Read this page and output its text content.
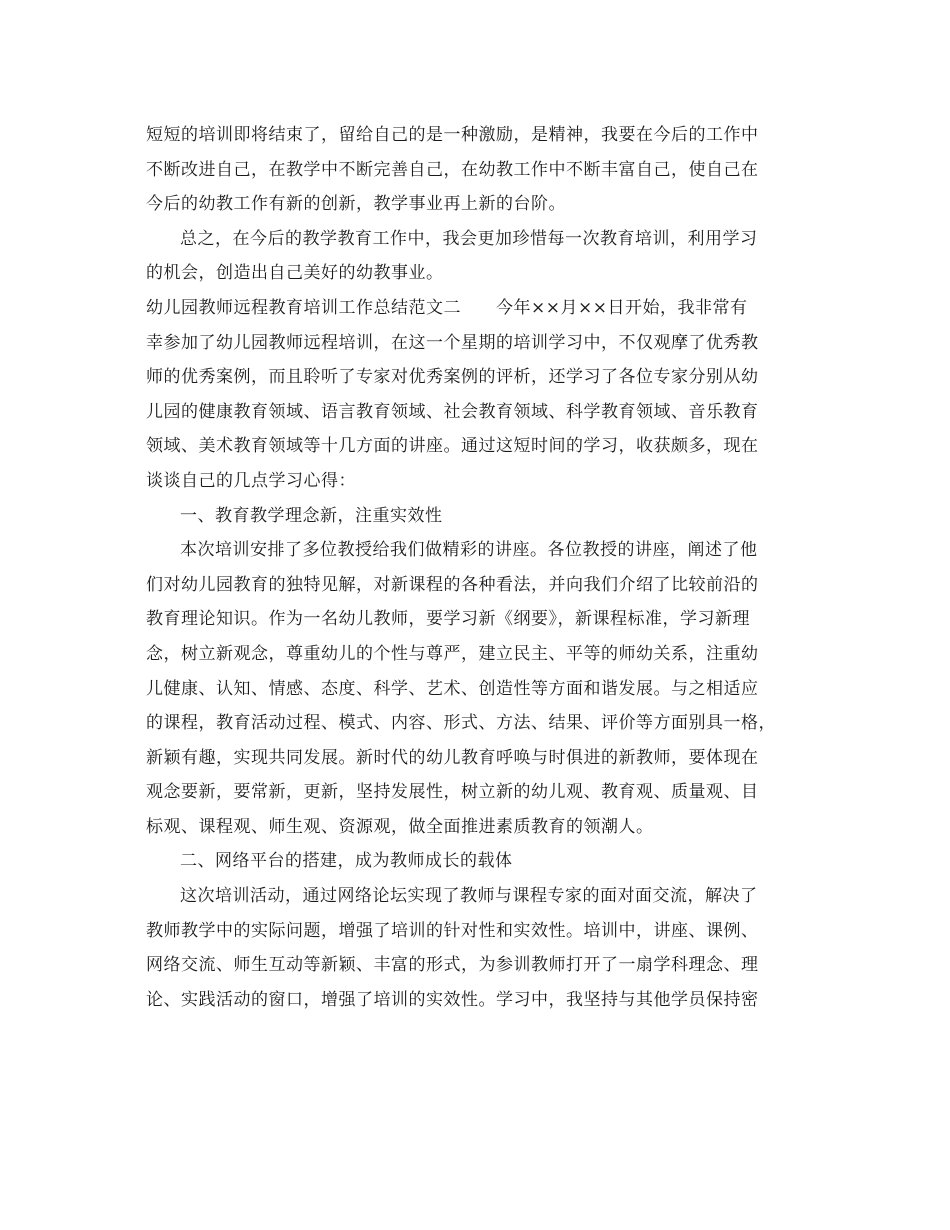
短短的培训即将结束了，留给自己的是一种激励，是精神，我要在今后的工作中
不断改进自己，在教学中不断完善自己，在幼教工作中不断丰富自己，使自己在
今后的幼教工作有新的创新，教学事业再上新的台阶。
总之，在今后的教学教育工作中，我会更加珍惜每一次教育培训，利用学习
的机会，创造出自己美好的幼教事业。
幼儿园教师远程教育培训工作总结范文二　　今年××月××日开始，我非常有
幸参加了幼儿园教师远程培训，在这一个星期的培训学习中，不仅观摩了优秀教
师的优秀案例，而且聆听了专家对优秀案例的评析，还学习了各位专家分别从幼
儿园的健康教育领域、语言教育领域、社会教育领域、科学教育领域、音乐教育
领域、美术教育领域等十几方面的讲座。通过这短时间的学习，收获颇多，现在
谈谈自己的几点学习心得：
一、教育教学理念新，注重实效性
本次培训安排了多位教授给我们做精彩的讲座。各位教授的讲座，阐述了他
们对幼儿园教育的独特见解，对新课程的各种看法，并向我们介绍了比较前沿的
教育理论知识。作为一名幼儿教师，要学习新《纲要》，新课程标准，学习新理
念，树立新观念，尊重幼儿的个性与尊严，建立民主、平等的师幼关系，注重幼
儿健康、认知、情感、态度、科学、艺术、创造性等方面和谐发展。与之相适应
的课程，教育活动过程、模式、内容、形式、方法、结果、评价等方面别具一格，
新颖有趣，实现共同发展。新时代的幼儿教育呼唤与时俱进的新教师，要体现在
观念要新，要常新，更新，坚持发展性，树立新的幼儿观、教育观、质量观、目
标观、课程观、师生观、资源观，做全面推进素质教育的领潮人。
二、网络平台的搭建，成为教师成长的载体
这次培训活动，通过网络论坛实现了教师与课程专家的面对面交流，解决了
教师教学中的实际问题，增强了培训的针对性和实效性。培训中，讲座、课例、
网络交流、师生互动等新颖、丰富的形式，为参训教师打开了一扇学科理念、理
论、实践活动的窗口，增强了培训的实效性。学习中，我坚持与其他学员保持密
